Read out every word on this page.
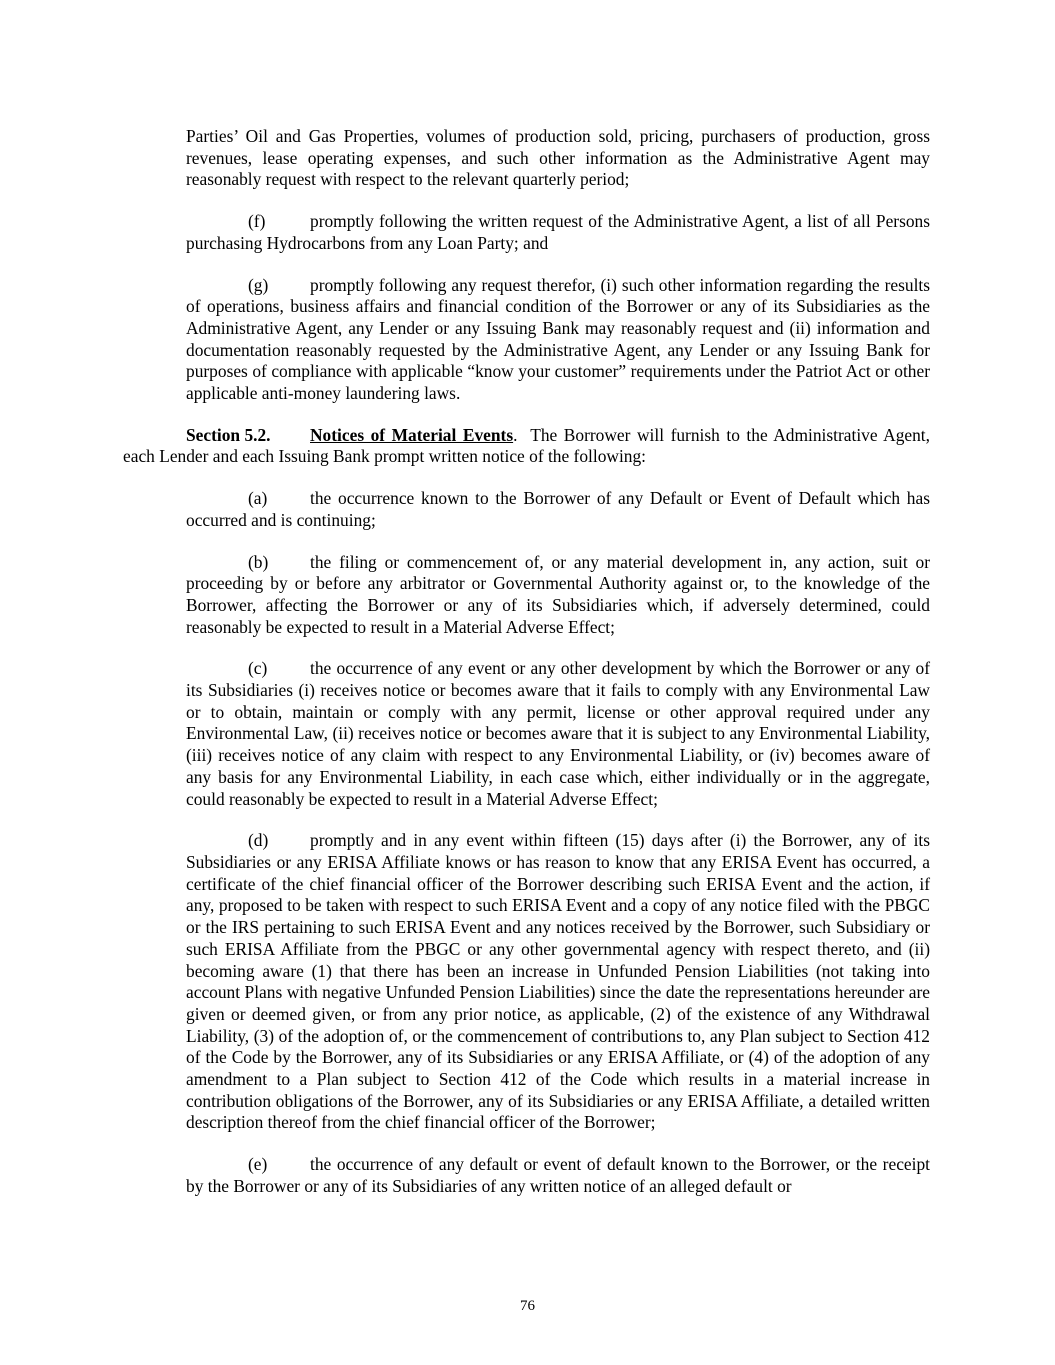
Parties’ Oil and Gas Properties, volumes of production sold, pricing, purchasers of production, gross revenues, lease operating expenses, and such other information as the Administrative Agent may reasonably request with respect to the relevant quarterly period;

(f)	promptly following the written request of the Administrative Agent, a list of all Persons purchasing Hydrocarbons from any Loan Party; and

(g) promptly following any request therefor, (i) such other information regarding the results of operations, business affairs and financial condition of the Borrower or any of its Subsidiaries as the Administrative Agent, any Lender or any Issuing Bank may reasonably request and (ii) information and documentation reasonably requested by the Administrative Agent, any Lender or any Issuing Bank for purposes of compliance with applicable “know your customer” requirements under the Patriot Act or other applicable anti-money laundering laws.

Section 5.2. Notices of Material Events. The Borrower will furnish to the Administrative Agent, each Lender and each Issuing Bank prompt written notice of the following:

(a) the occurrence known to the Borrower of any Default or Event of Default which has occurred and is continuing;

(b) the filing or commencement of, or any material development in, any action, suit or proceeding by or before any arbitrator or Governmental Authority against or, to the knowledge of the Borrower, affecting the Borrower or any of its Subsidiaries which, if adversely determined, could reasonably be expected to result in a Material Adverse Effect;

(c) the occurrence of any event or any other development by which the Borrower or any of its Subsidiaries (i) receives notice or becomes aware that it fails to comply with any Environmental Law or to obtain, maintain or comply with any permit, license or other approval required under any Environmental Law, (ii) receives notice or becomes aware that it is subject to any Environmental Liability, (iii) receives notice of any claim with respect to any Environmental Liability, or (iv) becomes aware of any basis for any Environmental Liability, in each case which, either individually or in the aggregate, could reasonably be expected to result in a Material Adverse Effect;

(d) promptly and in any event within fifteen (15) days after (i) the Borrower, any of its Subsidiaries or any ERISA Affiliate knows or has reason to know that any ERISA Event has occurred, a certificate of the chief financial officer of the Borrower describing such ERISA Event and the action, if any, proposed to be taken with respect to such ERISA Event and a copy of any notice filed with the PBGC or the IRS pertaining to such ERISA Event and any notices received by the Borrower, such Subsidiary or such ERISA Affiliate from the PBGC or any other governmental agency with respect thereto, and (ii) becoming aware (1) that there has been an increase in Unfunded Pension Liabilities (not taking into account Plans with negative Unfunded Pension Liabilities) since the date the representations hereunder are given or deemed given, or from any prior notice, as applicable, (2) of the existence of any Withdrawal Liability, (3) of the adoption of, or the commencement of contributions to, any Plan subject to Section 412 of the Code by the Borrower, any of its Subsidiaries or any ERISA Affiliate, or (4) of the adoption of any amendment to a Plan subject to Section 412 of the Code which results in a material increase in contribution obligations of the Borrower, any of its Subsidiaries or any ERISA Affiliate, a detailed written description thereof from the chief financial officer of the Borrower;

(e) the occurrence of any default or event of default known to the Borrower, or the receipt by the Borrower or any of its Subsidiaries of any written notice of an alleged default or

76
